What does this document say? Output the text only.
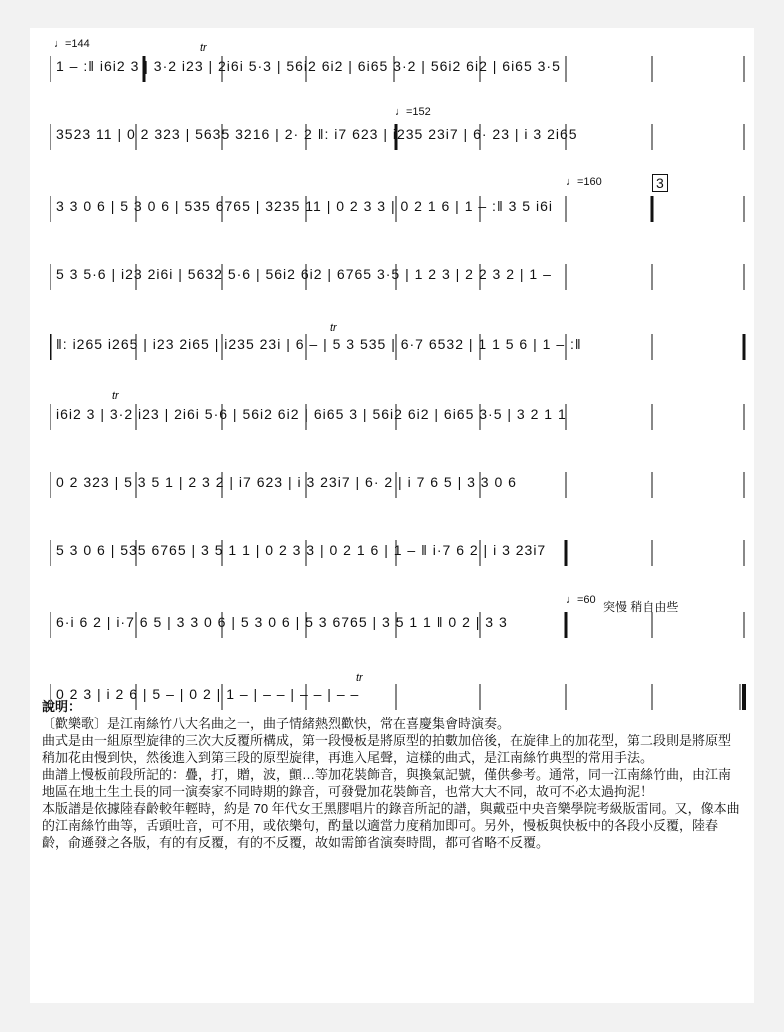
♩=144
♩=152
♩=160	3
♩=60 突慢 稍自由些
tr
tr
tr
tr
1 – :‖ i6i2 3 | 3·2 i23 | 2i6i 5·3 | 56i2 6i2 | 6i65 3·2 | 56i2 6i2 | 6i65 3·5
3523 11 | 0 2 323 | 5635 3216 | 2· 2 ‖: i7 623 | i235 23i7 | 6· 23 | i 3 2i65
3 3 0 6 | 5 3 0 6 | 535 6765 | 3235 11 | 0 2 3 3 | 0 2 1 6 | 1 – :‖ 3 5 i6i
5 3 5·6 | i23 2i6i | 5632 5·6 | 56i2 6i2 | 6765 3·5 | 1 2 3 | 2 2 3 2 | 1 –
‖: i265 i265 | i23 2i65 | i235 23i | 6 – | 5 3 535 | 6·7 6532 | 1 1 5 6 | 1 – :‖
i6i2 3 | 3·2 i23 | 2i6i 5·6 | 56i2 6i2 | 6i65 3 | 56i2 6i2 | 6i65 3·5 | 3 2 1 1
0 2 323 | 5 3 5 1 | 2 3 2 | i7 623 | i 3 23i7 | 6· 2 | i 7 6 5 | 3 3 0 6
5 3 0 6 | 535 6765 | 3 5 1 1 | 0 2 3 3 | 0 2 1 6 | 1 – ‖ i·7 6 2 | i 3 23i7
6·i 6 2 | i·7 6 5 | 3 3 0 6 | 5 3 0 6 | 5 3 6765 | 3 5 1 1 ‖ 0 2 | 3 3
0 2 3 | i 2 6 | 5 – | 0 2 | 1 – | – – | – – | – –

說明：

〔歡樂歌〕是江南絲竹八大名曲之一，曲子情緒熱烈歡快，常在喜慶集會時演奏。

曲式是由一組原型旋律的三次大反覆所構成，第一段慢板是將原型的拍數加倍後，在旋律上的加花型，第二段則是將原型稍加花由慢到快，然後進入到第三段的原型旋律，再進入尾聲，這樣的曲式，是江南絲竹典型的常用手法。

曲譜上慢板前段所記的：疊，打，贈，波，顫…等加花裝飾音，與換氣記號，僅供參考。通常，同一江南絲竹曲，由江南地區在地土生土長的同一演奏家不同時期的錄音，可發覺加花裝飾音，也常大大不同，故可不必太過拘泥！

本版譜是依據陸春齡較年輕時，約是 70 年代女王黑膠唱片的錄音所記的譜，與戴亞中央音樂學院考級版雷同。又，像本曲的江南絲竹曲等，舌頭吐音，可不用，或依樂句，酌量以適當力度稍加即可。另外，慢板與快板中的各段小反覆，陸春齡，俞遜發之各版，有的有反覆，有的不反覆，故如需節省演奏時間，都可省略不反覆。
